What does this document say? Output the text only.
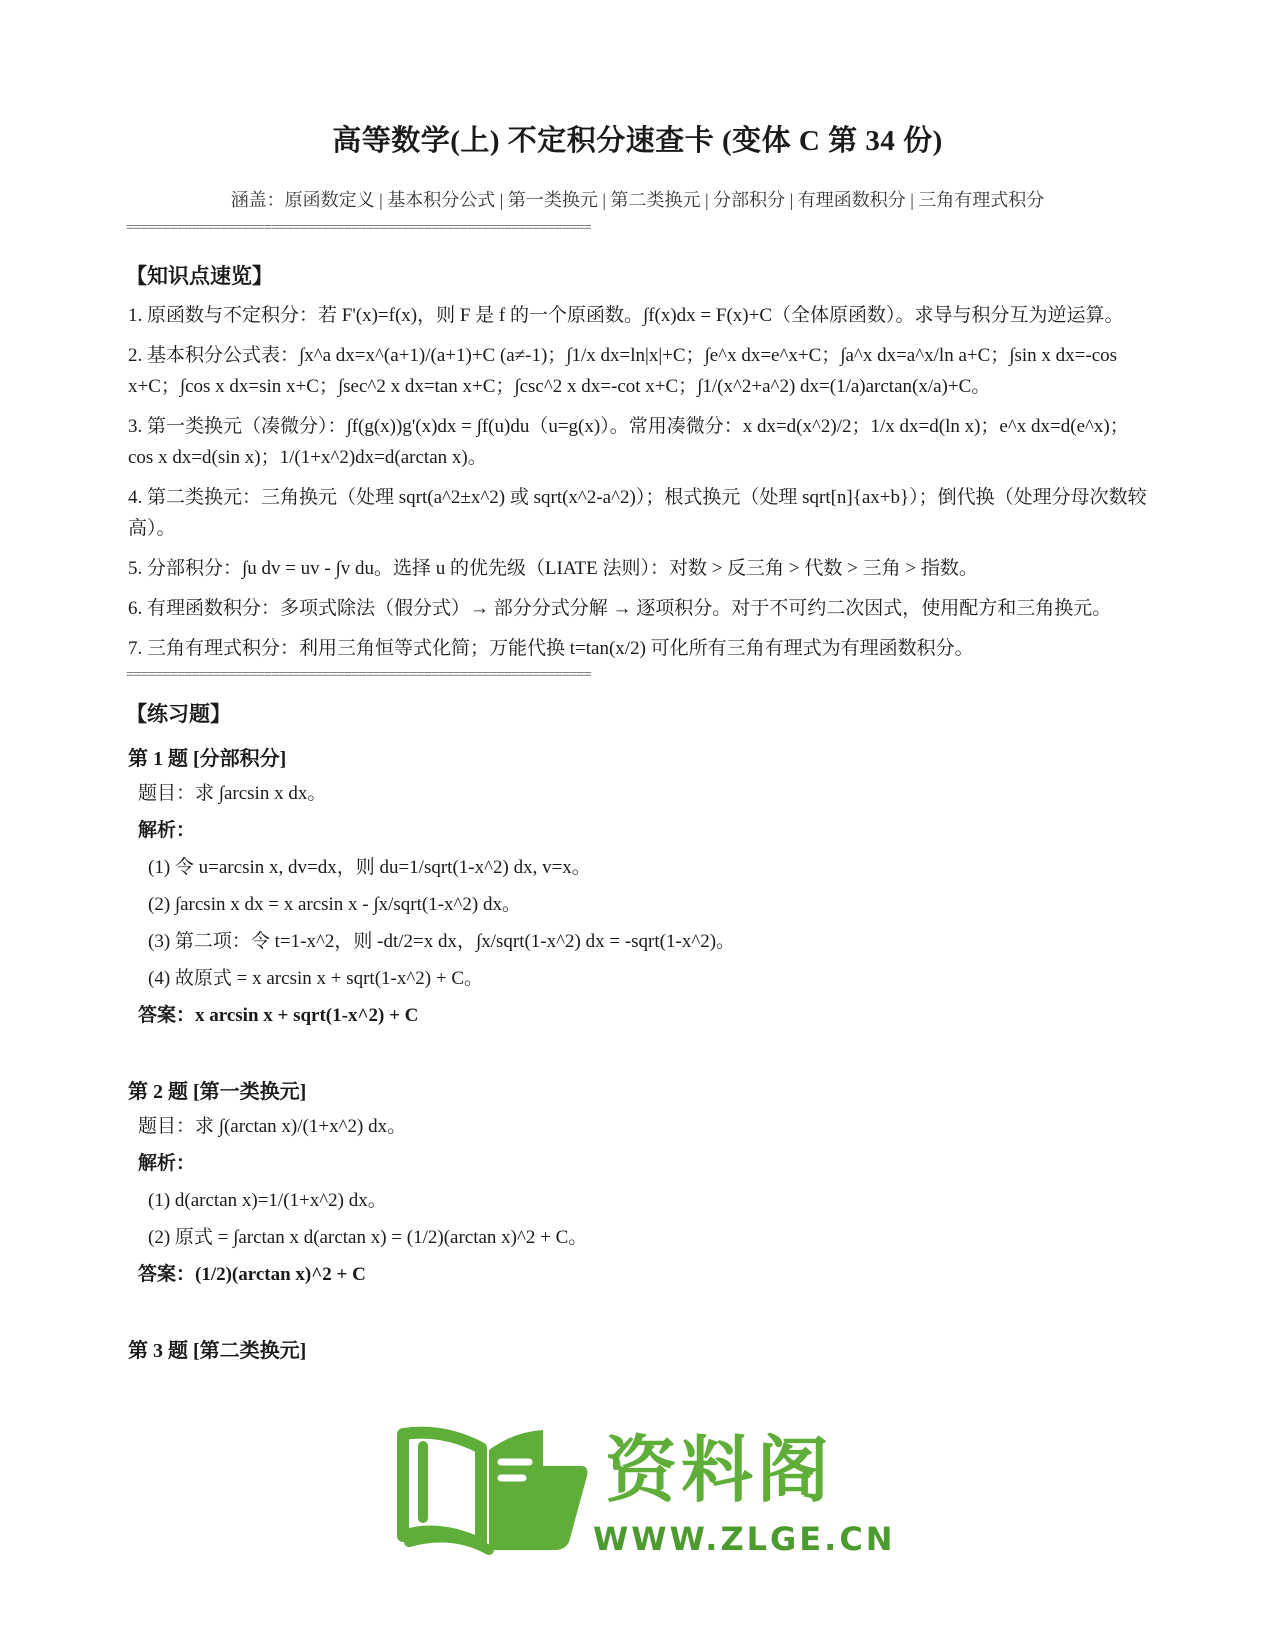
高等数学(上) 不定积分速查卡 (变体 C 第 34 份)
涵盖：原函数定义 | 基本积分公式 | 第一类换元 | 第二类换元 | 分部积分 | 有理函数积分 | 三角有理式积分
================================================================
【知识点速览】
1. 原函数与不定积分：若 F'(x)=f(x)，则 F 是 f 的一个原函数。∫f(x)dx = F(x)+C（全体原函数）。求导与积分互为逆运算。
2. 基本积分公式表：∫x^a dx=x^(a+1)/(a+1)+C (a≠-1)；∫1/x dx=ln|x|+C；∫e^x dx=e^x+C；∫a^x dx=a^x/ln a+C；∫sin x dx=-cos x+C；∫cos x dx=sin x+C；∫sec^2 x dx=tan x+C；∫csc^2 x dx=-cot x+C；∫1/(x^2+a^2) dx=(1/a)arctan(x/a)+C。
3. 第一类换元（凑微分）：∫f(g(x))g'(x)dx = ∫f(u)du（u=g(x)）。常用凑微分：x dx=d(x^2)/2；1/x dx=d(ln x)；e^x dx=d(e^x)；cos x dx=d(sin x)；1/(1+x^2)dx=d(arctan x)。
4. 第二类换元：三角换元（处理 sqrt(a^2±x^2) 或 sqrt(x^2-a^2)）；根式换元（处理 sqrt[n]{ax+b}）；倒代换（处理分母次数较高）。
5. 分部积分：∫u dv = uv - ∫v du。选择 u 的优先级（LIATE 法则）：对数 > 反三角 > 代数 > 三角 > 指数。
6. 有理函数积分：多项式除法（假分式）→ 部分分式分解 → 逐项积分。对于不可约二次因式，使用配方和三角换元。
7. 三角有理式积分：利用三角恒等式化简；万能代换 t=tan(x/2) 可化所有三角有理式为有理函数积分。
================================================================
【练习题】
第 1 题 [分部积分]
题目：求 ∫arcsin x dx。
解析：
(1) 令 u=arcsin x, dv=dx，则 du=1/sqrt(1-x^2) dx, v=x。
(2) ∫arcsin x dx = x arcsin x - ∫x/sqrt(1-x^2) dx。
(3) 第二项：令 t=1-x^2，则 -dt/2=x dx，∫x/sqrt(1-x^2) dx = -sqrt(1-x^2)。
(4) 故原式 = x arcsin x + sqrt(1-x^2) + C。
答案：x arcsin x + sqrt(1-x^2) + C
第 2 题 [第一类换元]
题目：求 ∫(arctan x)/(1+x^2) dx。
解析：
(1) d(arctan x)=1/(1+x^2) dx。
(2) 原式 = ∫arctan x d(arctan x) = (1/2)(arctan x)^2 + C。
答案：(1/2)(arctan x)^2 + C
第 3 题 [第二类换元]
资料阁
WWW.ZLGE.CN
